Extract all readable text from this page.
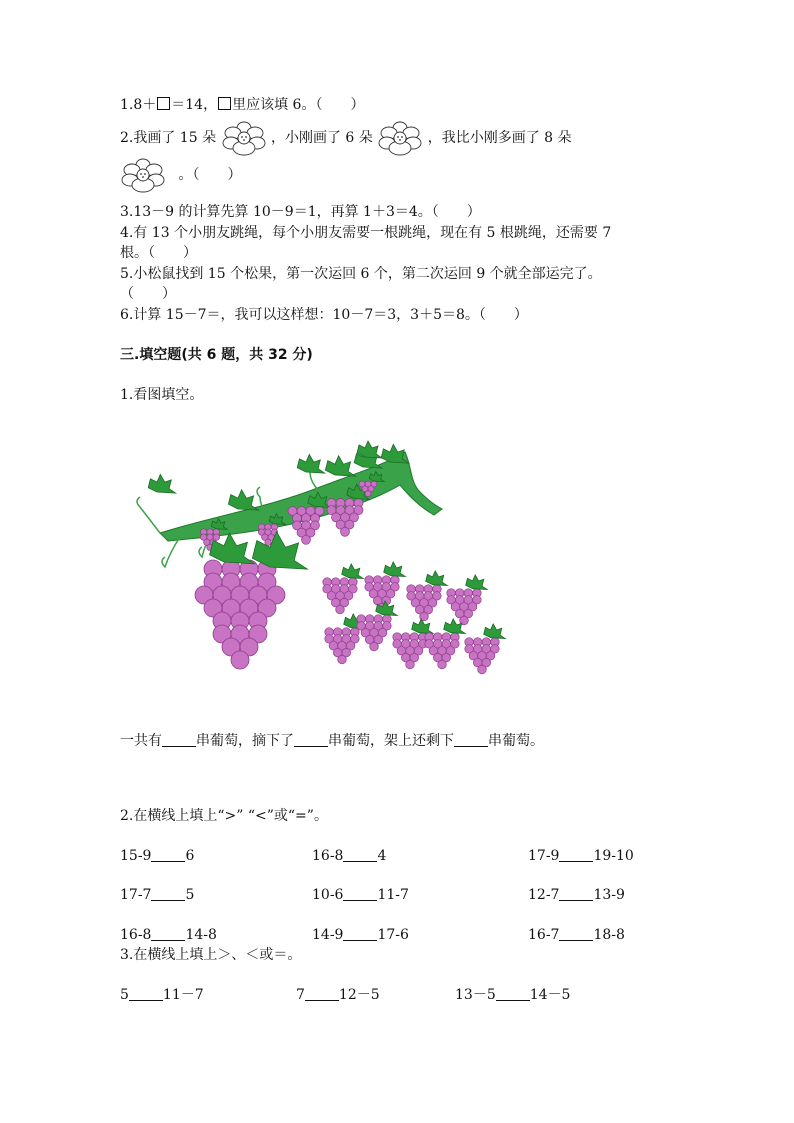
1.8＋ ＝14， 里应该填 6。（　　）
2.我画了 15 朵	，小刚画了 6 朵	，我比小刚多画了 8 朵
。（　　）
3.13－9 的计算先算 10－9＝1，再算 1＋3＝4。（　　）
4.有 13 个小朋友跳绳，每个小朋友需要一根跳绳，现在有 5 根跳绳，还需要 7
根。（　　）
5.小松鼠找到 15 个松果，第一次运回 6 个，第二次运回 9 个就全部运完了。
（　　）
6.计算 15－7＝，我可以这样想：10－7＝3，3＋5＝8。（　　）
三.填空题(共 6 题，共 32 分)
1.看图填空。
一共有 串葡萄，摘下了 串葡萄，架上还剩下 串葡萄。
2.在横线上填上“>” “<”或“=”。
15-9 6	16-8 4	17-9 19-10
17-7 5	10-6 11-7	12-7 13-9
16-8 14-8	14-9 17-6	16-7 18-8
3.在横线上填上＞、＜或＝。
5 11－7	7 12－5	13－5 14－5
